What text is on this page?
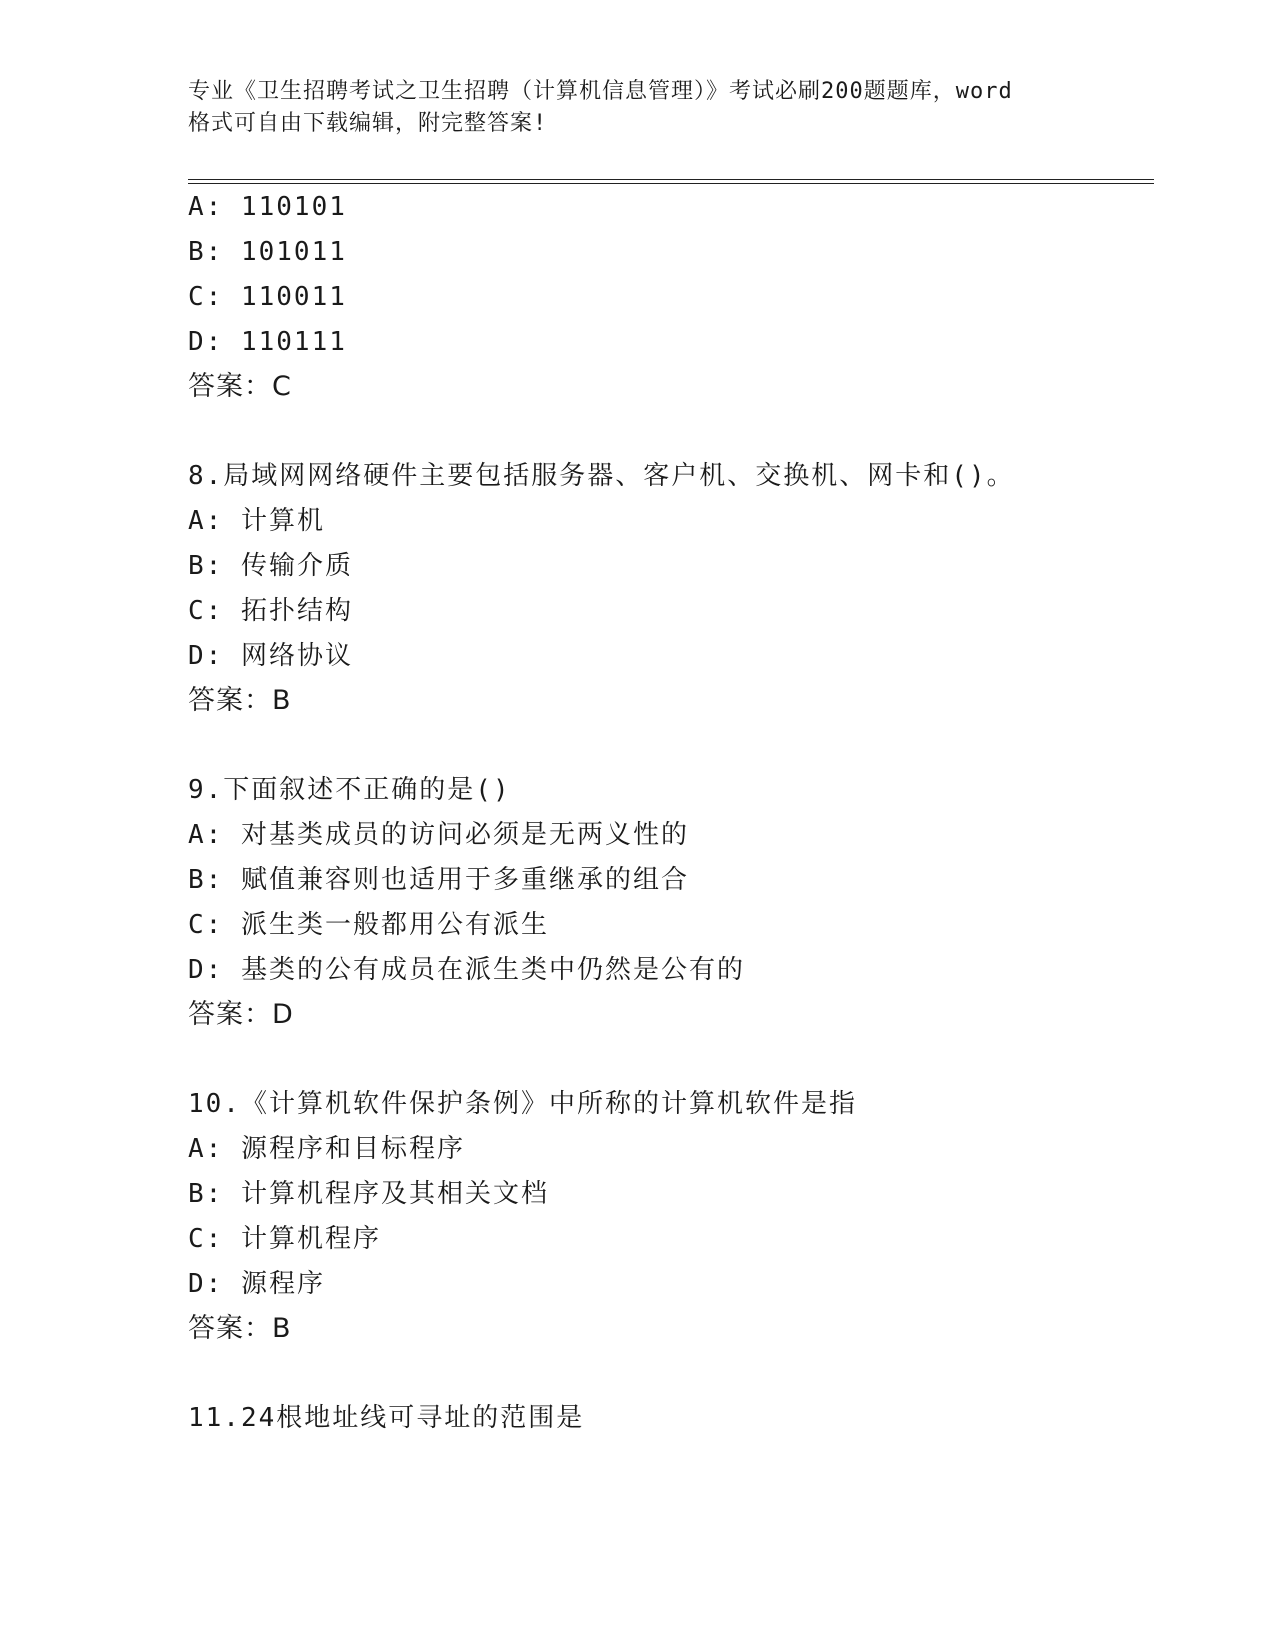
专业《卫生招聘考试之卫生招聘（计算机信息管理）》考试必刷200题题库，word
格式可自由下载编辑，附完整答案!
A: 110101
B: 101011
C: 110011
D: 110111
答案：C
8.局域网网络硬件主要包括服务器、客户机、交换机、网卡和()。
A: 计算机
B: 传输介质
C: 拓扑结构
D: 网络协议
答案：B
9.下面叙述不正确的是()
A: 对基类成员的访问必须是无两义性的
B: 赋值兼容则也适用于多重继承的组合
C: 派生类一般都用公有派生
D: 基类的公有成员在派生类中仍然是公有的
答案：D
10.《计算机软件保护条例》中所称的计算机软件是指
A: 源程序和目标程序
B: 计算机程序及其相关文档
C: 计算机程序
D: 源程序
答案：B
11.24根地址线可寻址的范围是
